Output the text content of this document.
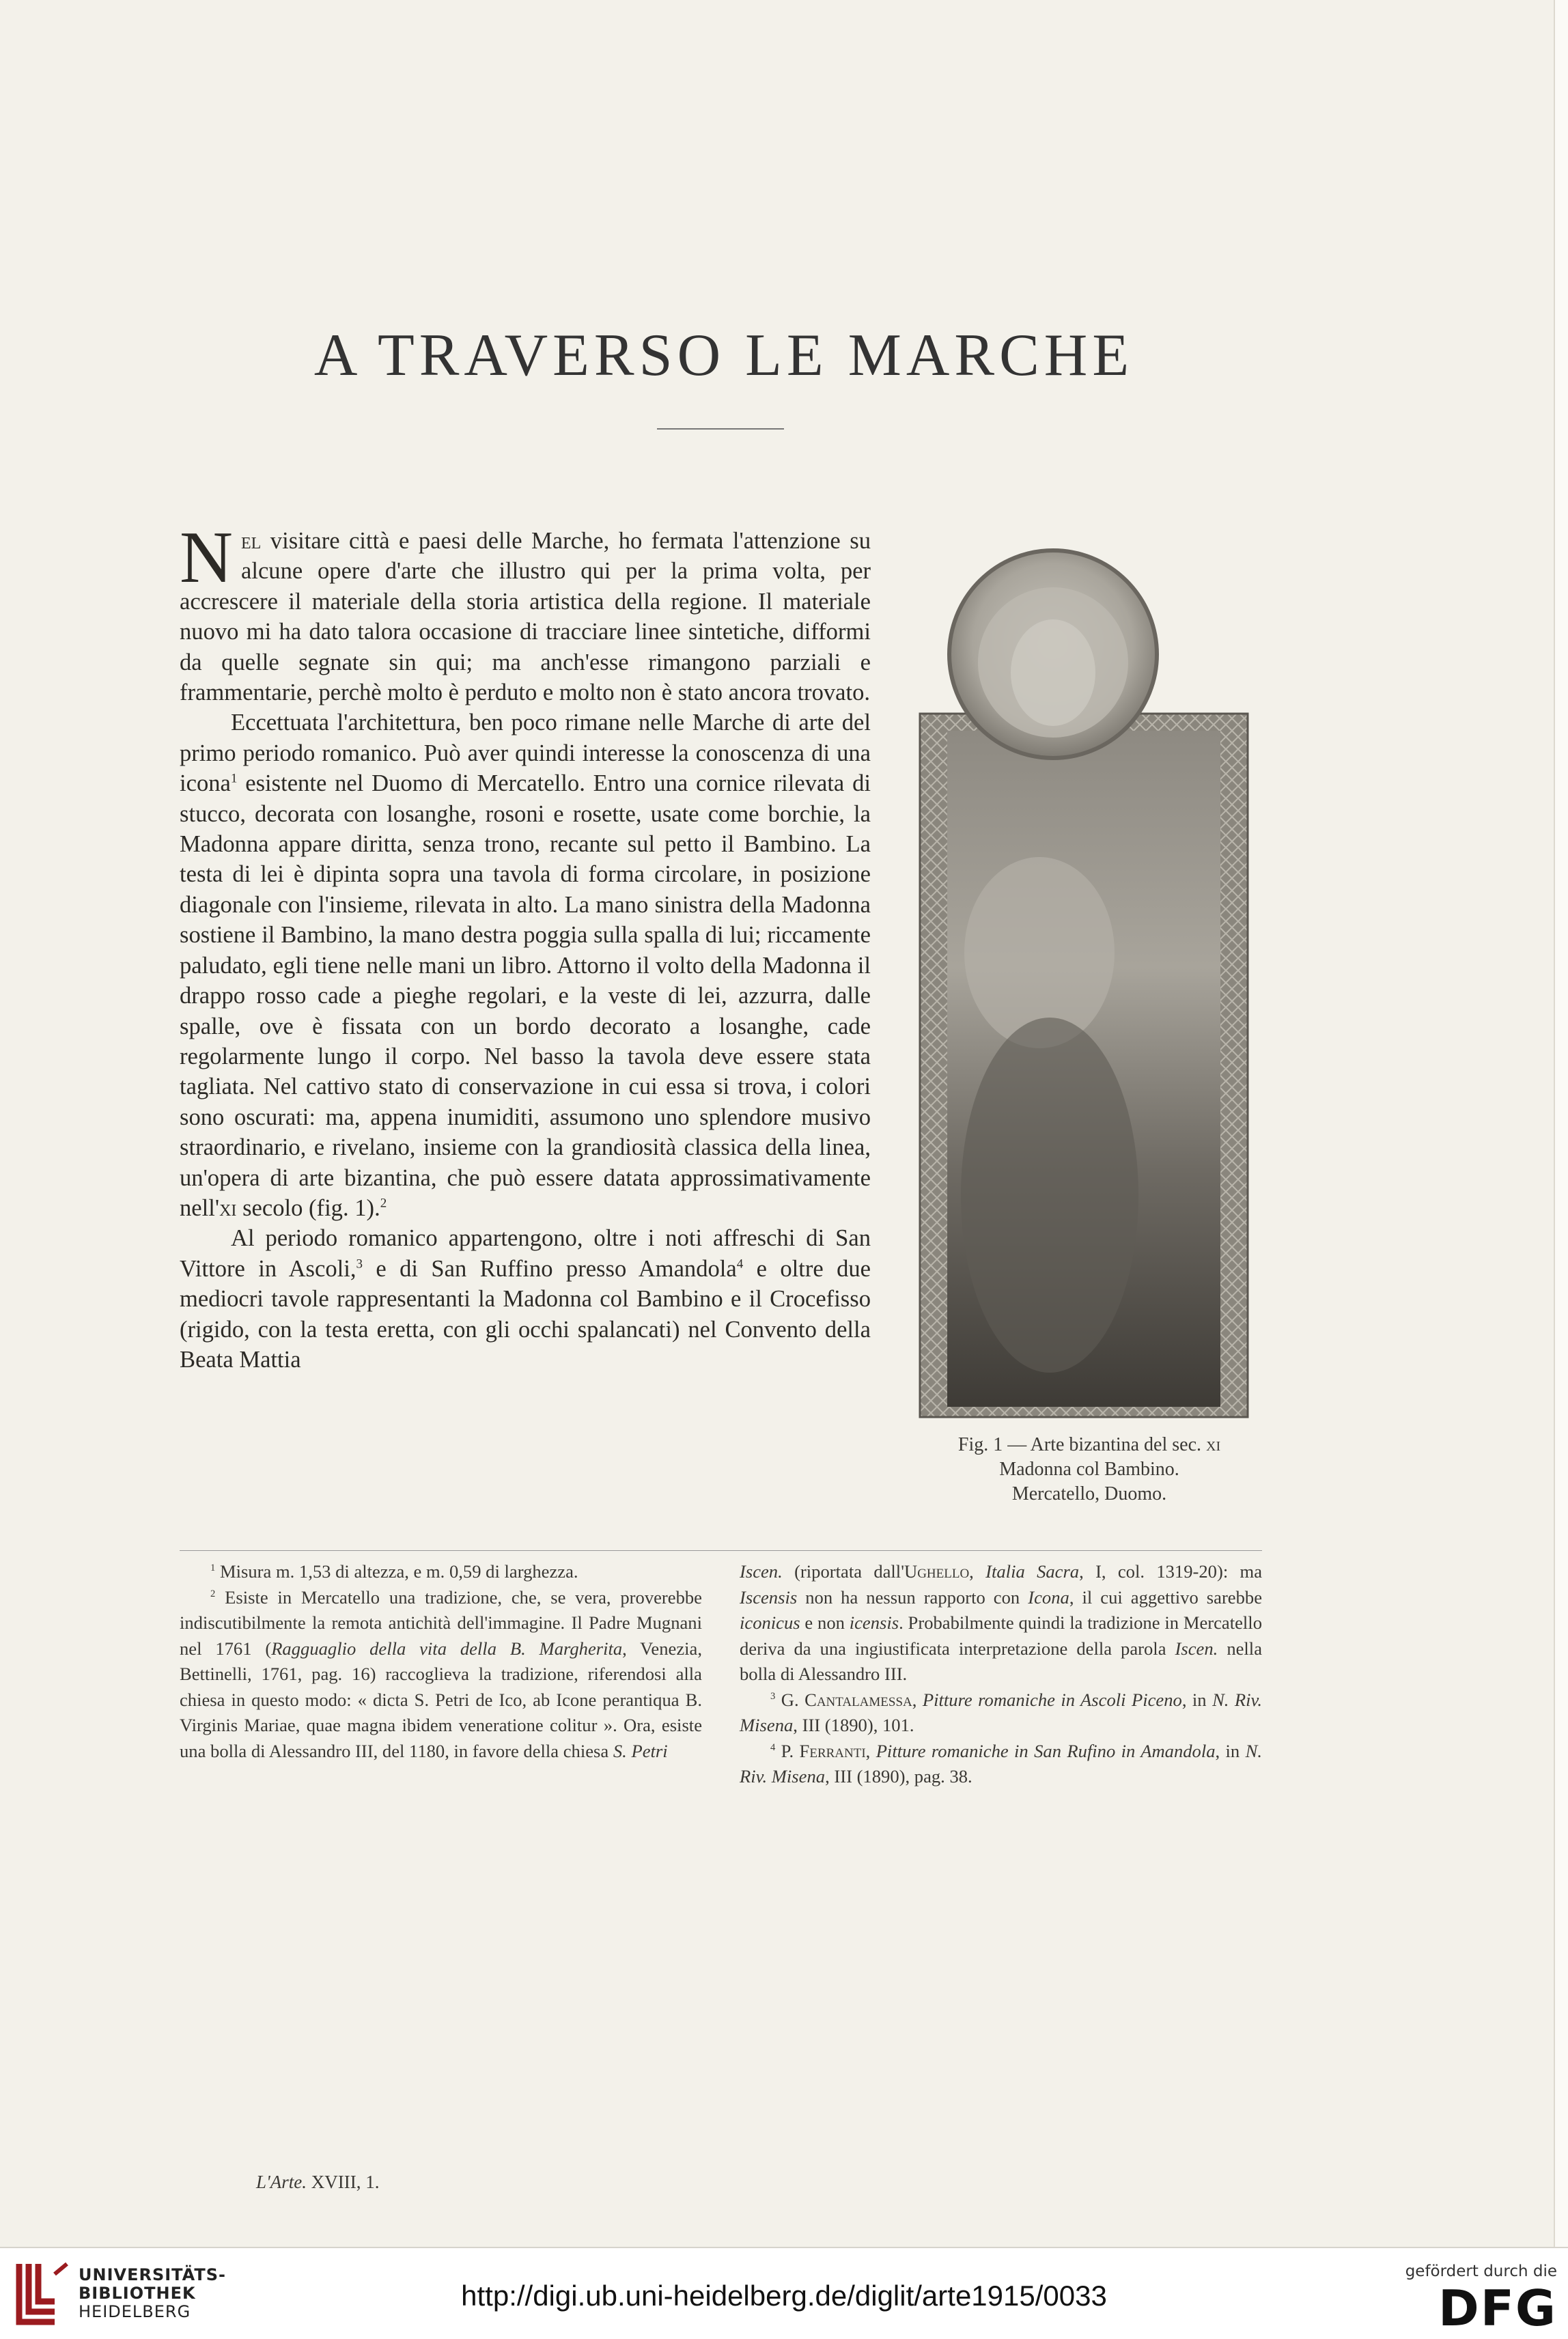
A TRAVERSO LE MARCHE

Nel visitare città e paesi delle Marche, ho fermata l'attenzione su alcune opere d'arte che illustro qui per la prima volta, per accrescere il materiale della storia artistica della regione. Il materiale nuovo mi ha dato talora occasione di tracciare linee sintetiche, difformi da quelle segnate sin qui; ma anch'esse rimangono parziali e frammentarie, perchè molto è perduto e molto non è stato ancora trovato.

Eccettuata l'architettura, ben poco rimane nelle Marche di arte del primo periodo romanico. Può aver quindi interesse la conoscenza di una icona$^1$ esistente nel Duomo di Mercatello. Entro una cornice rilevata di stucco, decorata con losanghe, rosoni e rosette, usate come borchie, la Madonna appare diritta, senza trono, recante sul petto il Bambino. La testa di lei è dipinta sopra una tavola di forma circolare, in posizione diagonale con l'insieme, rilevata in alto. La mano sinistra della Madonna sostiene il Bambino, la mano destra poggia sulla spalla di lui; riccamente paludato, egli tiene nelle mani un libro. Attorno il volto della Madonna il drappo rosso cade a pieghe regolari, e la veste di lei, azzurra, dalle spalle, ove è fissata con un bordo decorato a losanghe, cade regolarmente lungo il corpo. Nel basso la tavola deve essere stata tagliata. Nel cattivo stato di conservazione in cui essa si trova, i colori sono oscurati: ma, appena inumiditi, assumono uno splendore musivo straordinario, e rivelano, insieme con la grandiosità classica della linea, un'opera di arte bizantina, che può essere datata approssimativamente nell'xi secolo (fig. 1).$^2$

Al periodo romanico appartengono, oltre i noti affreschi di San Vittore in Ascoli,$^3$ e di San Ruffino presso Amandola$^4$ e oltre due mediocri tavole rappresentanti la Madonna col Bambino e il Crocefisso (rigido, con la testa eretta, con gli occhi spalancati) nel Convento della Beata Mattia

Fig. 1 — Arte bizantina del sec. xi
Madonna col Bambino.
Mercatello, Duomo.

$^1$ Misura m. 1,53 di altezza, e m. 0,59 di larghezza.

$^2$ Esiste in Mercatello una tradizione, che, se vera, proverebbe indiscutibilmente la remota antichità dell'immagine. Il Padre Mugnani nel 1761 (Ragguaglio della vita della B. Margherita, Venezia, Bettinelli, 1761, pag. 16) raccoglieva la tradizione, riferendosi alla chiesa in questo modo: « dicta S. Petri de Ico, ab Icone perantiqua B. Virginis Mariae, quae magna ibidem veneratione colitur ». Ora, esiste una bolla di Alessandro III, del 1180, in favore della chiesa S. Petri

Iscen. (riportata dall'Ughello, Italia Sacra, I, col. 1319-20): ma Iscensis non ha nessun rapporto con Icona, il cui aggettivo sarebbe iconicus e non icensis. Probabilmente quindi la tradizione in Mercatello deriva da una ingiustificata interpretazione della parola Iscen. nella bolla di Alessandro III.

$^3$ G. Cantalamessa, Pitture romaniche in Ascoli Piceno, in N. Riv. Misena, III (1890), 101.

$^4$ P. Ferranti, Pitture romaniche in San Rufino in Amandola, in N. Riv. Misena, III (1890), pag. 38.

L'Arte. XVIII, 1.
UNIVERSITÄTS-
BIBLIOTHEK
HEIDELBERG	http://digi.ub.uni-heidelberg.de/diglit/arte1915/0033
gefördert durch die
DFG
